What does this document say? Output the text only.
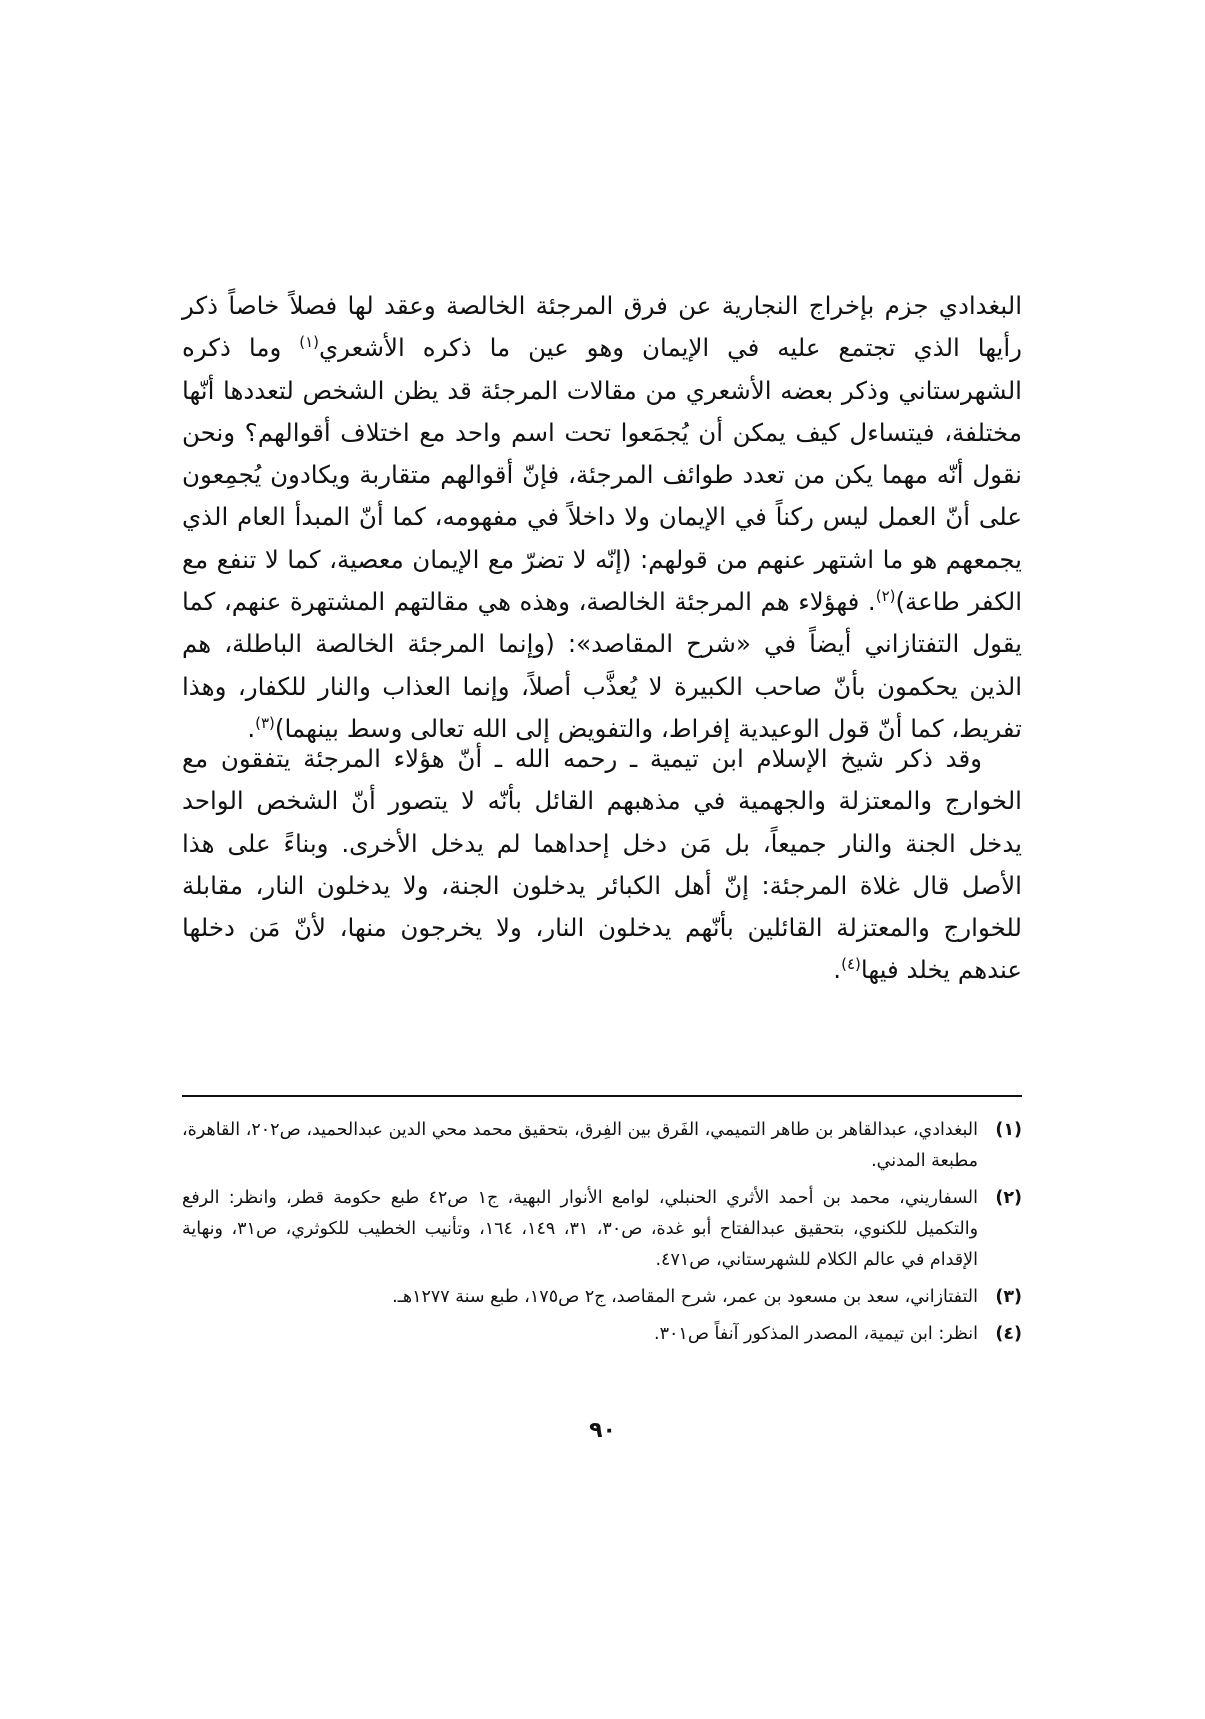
البغدادي جزم بإخراج النجارية عن فرق المرجئة الخالصة وعقد لها فصلاً خاصاً ذكر رأيها الذي تجتمع عليه في الإيمان وهو عين ما ذكره الأشعري$^{(١)}$ وما ذكره الشهرستاني وذكر بعضه الأشعري من مقالات المرجئة قد يظن الشخص لتعددها أنّها مختلفة، فيتساءل كيف يمكن أن يُجمَعوا تحت اسم واحد مع اختلاف أقوالهم؟ ونحن نقول أنّه مهما يكن من تعدد طوائف المرجئة، فإنّ أقوالهم متقاربة ويكادون يُجمِعون على أنّ العمل ليس ركناً في الإيمان ولا داخلاً في مفهومه، كما أنّ المبدأ العام الذي يجمعهم هو ما اشتهر عنهم من قولهم: (إنّه لا تضرّ مع الإيمان معصية، كما لا تنفع مع الكفر طاعة)$^{(٢)}$. فهؤلاء هم المرجئة الخالصة، وهذه هي مقالتهم المشتهرة عنهم، كما يقول التفتازاني أيضاً في «شرح المقاصد»: (وإنما المرجئة الخالصة الباطلة، هم الذين يحكمون بأنّ صاحب الكبيرة لا يُعذَّب أصلاً، وإنما العذاب والنار للكفار، وهذا تفريط، كما أنّ قول الوعيدية إفراط، والتفويض إلى الله تعالى وسط بينهما)$^{(٣)}$.

وقد ذكر شيخ الإسلام ابن تيمية ـ رحمه الله ـ أنّ هؤلاء المرجئة يتفقون مع الخوارج والمعتزلة والجهمية في مذهبهم القائل بأنّه لا يتصور أنّ الشخص الواحد يدخل الجنة والنار جميعاً، بل مَن دخل إحداهما لم يدخل الأخرى. وبناءً على هذا الأصل قال غلاة المرجئة: إنّ أهل الكبائر يدخلون الجنة، ولا يدخلون النار، مقابلة للخوارج والمعتزلة القائلين بأنّهم يدخلون النار، ولا يخرجون منها، لأنّ مَن دخلها عندهم يخلد فيها$^{(٤)}$.

(١)
البغدادي، عبدالقاهر بن طاهر التميمي، الفَرق بين الفِرق، بتحقيق محمد محي الدين عبدالحميد، ص٢٠٢، القاهرة، مطبعة المدني.
(٢)
السفاريني، محمد بن أحمد الأثري الحنبلي، لوامع الأنوار البهية، ج١ ص٤٢ طبع حكومة قطر، وانظر: الرفع والتكميل للكنوي، بتحقيق عبدالفتاح أبو غدة، ص٣٠، ٣١، ١٤٩، ١٦٤، وتأنيب الخطيب للكوثري، ص٣١، ونهاية الإقدام في عالم الكلام للشهرستاني، ص٤٧١.
(٣)
التفتازاني، سعد بن مسعود بن عمر، شرح المقاصد، ج٢ ص١٧٥، طبع سنة ١٢٧٧هـ.
(٤)
انظر: ابن تيمية، المصدر المذكور آنفاً ص٣٠١.
٩٠
